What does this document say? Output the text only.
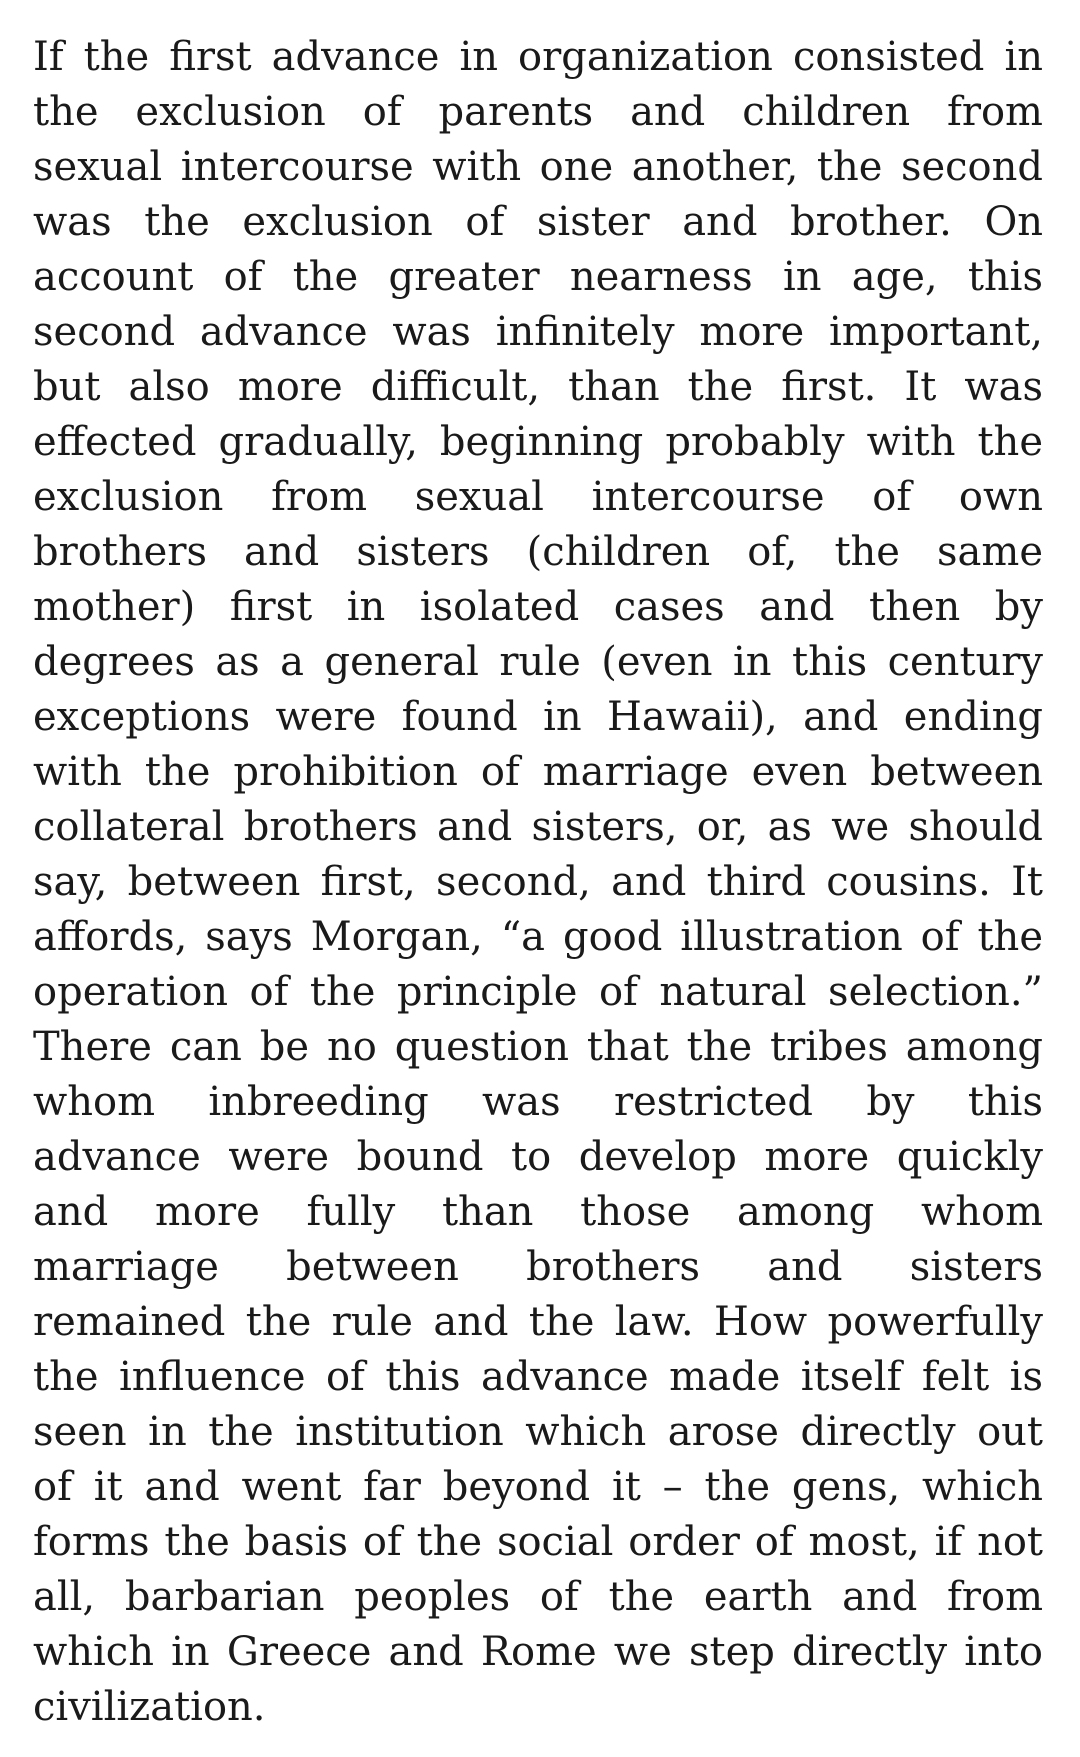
If the first advance in organization consisted in
the exclusion of parents and children from
sexual intercourse with one another, the second
was the exclusion of sister and brother. On
account of the greater nearness in age, this
second advance was infinitely more important,
but also more difficult, than the first. It was
effected gradually, beginning probably with the
exclusion from sexual intercourse of own
brothers and sisters (children of, the same
mother) first in isolated cases and then by
degrees as a general rule (even in this century
exceptions were found in Hawaii), and ending
with the prohibition of marriage even between
collateral brothers and sisters, or, as we should
say, between first, second, and third cousins. It
affords, says Morgan, “a good illustration of the
operation of the principle of natural selection.”
There can be no question that the tribes among
whom inbreeding was restricted by this
advance were bound to develop more quickly
and more fully than those among whom
marriage between brothers and sisters
remained the rule and the law. How powerfully
the influence of this advance made itself felt is
seen in the institution which arose directly out
of it and went far beyond it – the gens, which
forms the basis of the social order of most, if not
all, barbarian peoples of the earth and from
which in Greece and Rome we step directly into
civilization.
